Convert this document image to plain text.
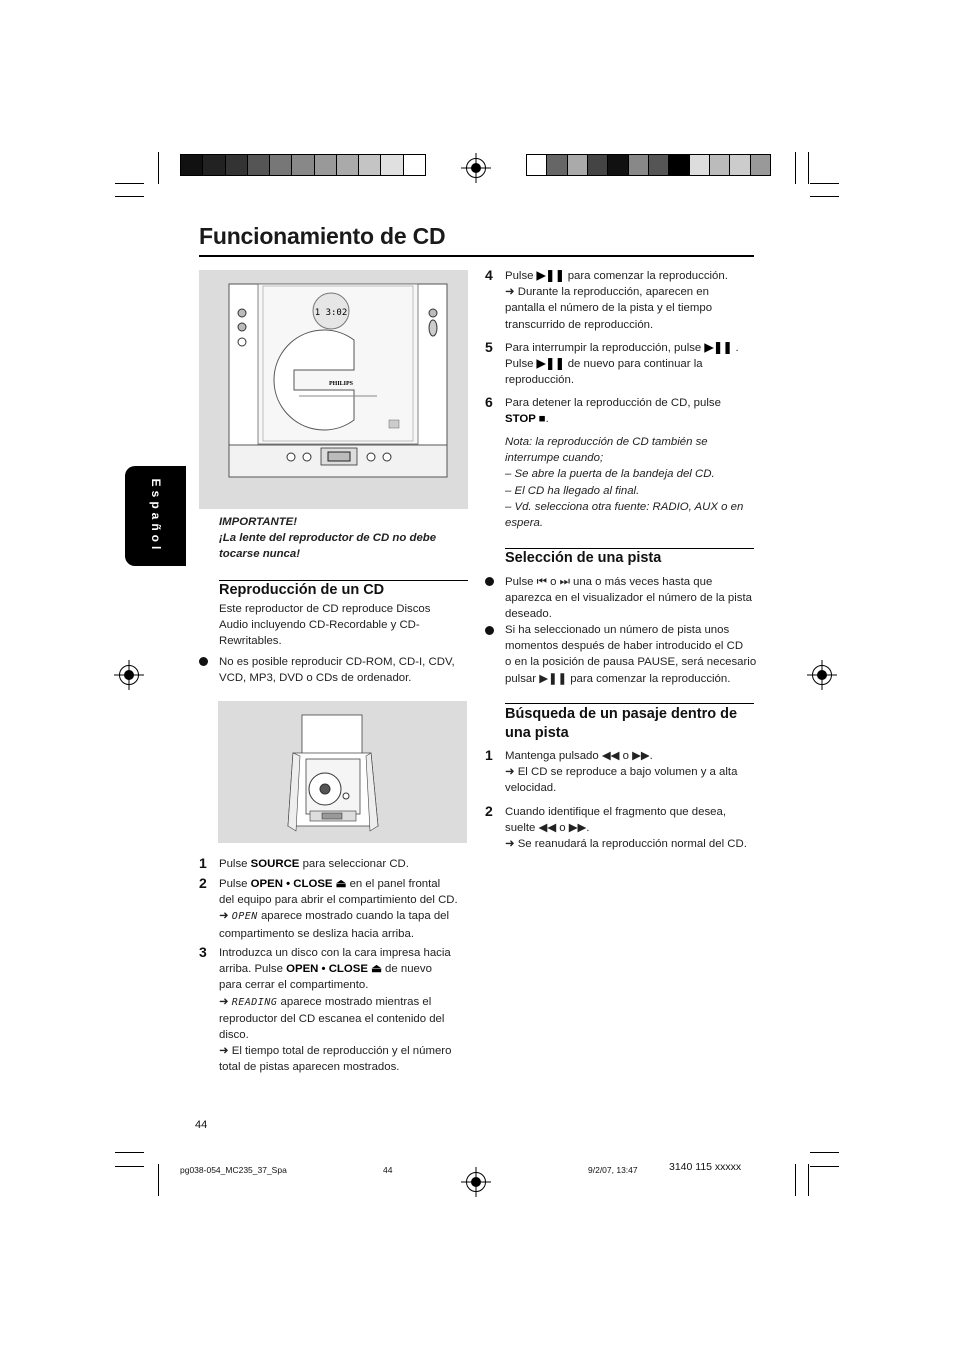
Funcionamiento de CD
Español
1 3:02
PHILIPS
IMPORTANTE!
¡La lente del reproductor de CD no debe
tocarse nunca!
Reproducción de un CD
Este reproductor de CD reproduce Discos
Audio incluyendo CD-Recordable y CD-
Rewritables.
No es posible reproducir CD-ROM, CD-I, CDV,
VCD, MP3, DVD o CDs de ordenador.
1 Pulse SOURCE para seleccionar CD.
2 Pulse OPEN • CLOSE ⏏ en el panel frontal
del equipo para abrir el compartimiento del CD.
➜ OPEN aparece mostrado cuando la tapa del
compartimento se desliza hacia arriba.
3 Introduzca un disco con la cara impresa hacia
arriba. Pulse OPEN • CLOSE ⏏ de nuevo
para cerrar el compartimento.
➜ READING aparece mostrado mientras el
reproductor del CD escanea el contenido del
disco.
➜ El tiempo total de reproducción y el número
total de pistas aparecen mostrados.
4 Pulse ▶❚❚ para comenzar la reproducción.
➜ Durante la reproducción, aparecen en
pantalla el número de la pista y el tiempo
transcurrido de reproducción.
5 Para interrumpir la reproducción, pulse ▶❚❚ .
Pulse ▶❚❚ de nuevo para continuar la
reproducción.
6 Para detener la reproducción de CD, pulse
STOP ■.
Nota: la reproducción de CD también se
interrumpe cuando;
– Se abre la puerta de la bandeja del CD.
– El CD ha llegado al final.
– Vd. selecciona otra fuente: RADIO, AUX o en
espera.
Selección de una pista
Pulse ⏮ o ⏭ una o más veces hasta que
aparezca en el visualizador el número de la pista
deseado.
Si ha seleccionado un número de pista unos
momentos después de haber introducido el CD
o en la posición de pausa PAUSE, será necesario
pulsar ▶❚❚ para comenzar la reproducción.
Búsqueda de un pasaje dentro de
una pista
1 Mantenga pulsado ◀◀ o ▶▶.
➜ El CD se reproduce a bajo volumen y a alta
velocidad.
2 Cuando identifique el fragmento que desea,
suelte ◀◀ o ▶▶.
➜ Se reanudará la reproducción normal del CD.
44
pg038-054_MC235_37_Spa	44	9/2/07, 13:47	3140 115 xxxxx
